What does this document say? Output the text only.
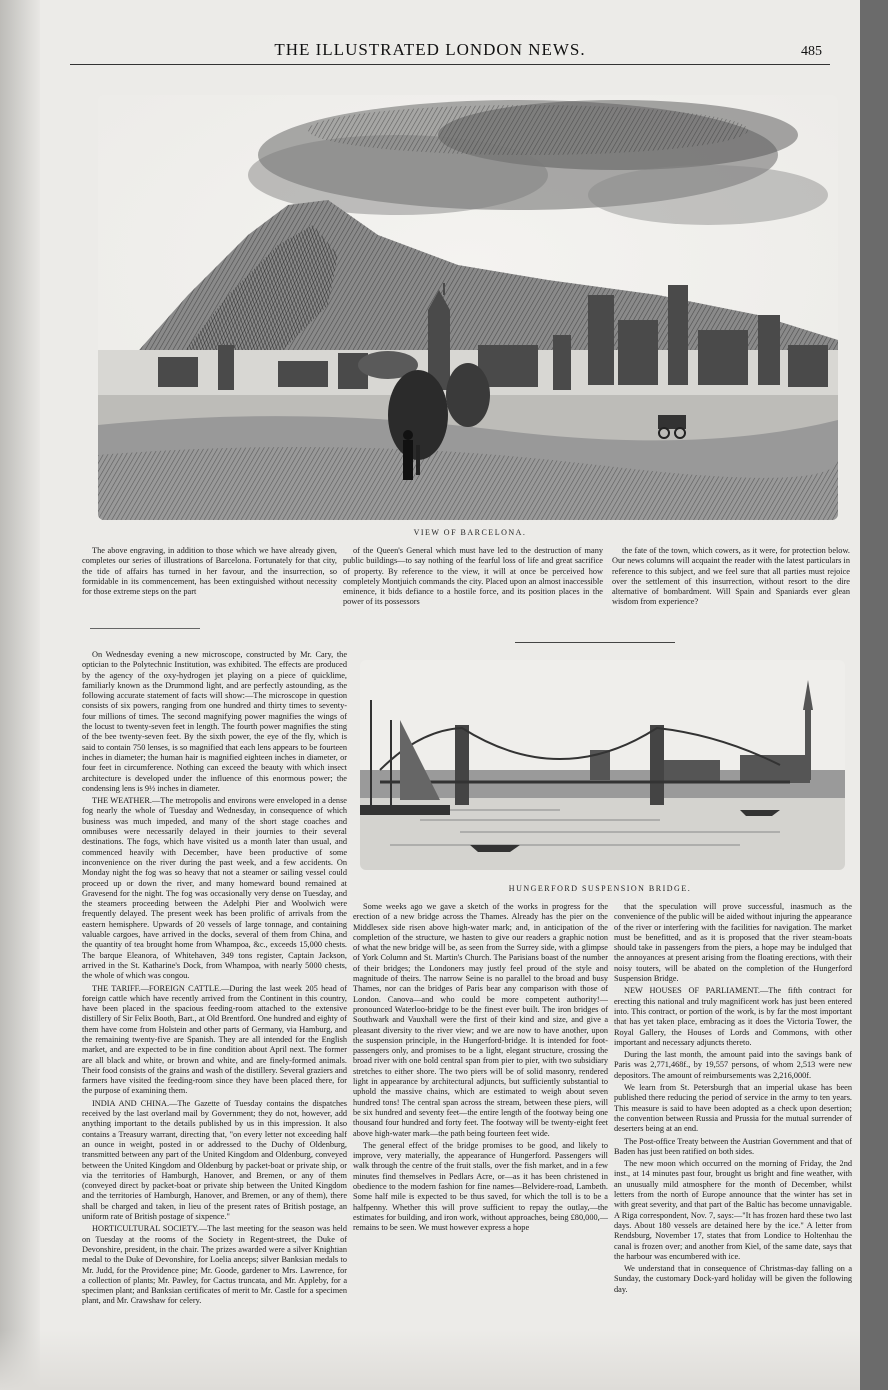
THE ILLUSTRATED LONDON NEWS.	485
VIEW OF BARCELONA.

The above engraving, in addition to those which we have already given, completes our series of illustrations of Barcelona. Fortunately for that city, the tide of affairs has turned in her favour, and the insurrection, so formidable in its commencement, has been extinguished without necessity for those extreme steps on the part

of the Queen's General which must have led to the destruction of many public buildings—to say nothing of the fearful loss of life and great sacrifice of property. By reference to the view, it will at once be perceived how completely Montjuich commands the city. Placed upon an almost inaccessible eminence, it bids defiance to a hostile force, and its position places in the power of its possessors

the fate of the town, which cowers, as it were, for protection below. Our news columns will acquaint the reader with the latest particulars in reference to this subject, and we feel sure that all parties must rejoice over the settlement of this insurrection, without resort to the dire alternative of bombardment. Will Spain and Spaniards ever glean wisdom from experience?

HUNGERFORD SUSPENSION BRIDGE.

On Wednesday evening a new microscope, constructed by Mr. Cary, the optician to the Polytechnic Institution, was exhibited. The effects are produced by the agency of the oxy-hydrogen jet playing on a piece of quicklime, familiarly known as the Drummond light, and are perfectly astounding, as the following accurate statement of facts will show:—The microscope in question consists of six powers, ranging from one hundred and thirty times to seventy-four millions of times. The second magnifying power magnifies the wings of the locust to twenty-seven feet in length. The fourth power magnifies the sting of the bee twenty-seven feet. By the sixth power, the eye of the fly, which is said to contain 750 lenses, is so magnified that each lens appears to be fourteen inches in diameter; the human hair is magnified eighteen inches in diameter, or four feet in circumference. Nothing can exceed the beauty with which insect architecture is developed under the influence of this enormous power; the condensing lens is 9½ inches in diameter.

THE WEATHER.—The metropolis and environs were enveloped in a dense fog nearly the whole of Tuesday and Wednesday, in consequence of which business was much impeded, and many of the short stage coaches and omnibuses were necessarily delayed in their journies to their several destinations. The fogs, which have visited us a month later than usual, and commenced heavily with December, have been productive of some inconvenience on the river during the past week, and a few accidents. On Monday night the fog was so heavy that not a steamer or sailing vessel could proceed up or down the river, and many homeward bound remained at Gravesend for the night. The fog was occasionally very dense on Tuesday, and the steamers proceeding between the Adelphi Pier and Woolwich were frequently delayed. The present week has been prolific of arrivals from the eastern hemisphere. Upwards of 20 vessels of large tonnage, and containing valuable cargoes, have arrived in the docks, several of them from China, and the quantity of tea brought home from Whampoa, &c., exceeds 15,000 chests. The barque Eleanora, of Whitehaven, 349 tons register, Captain Jackson, arrived in the St. Katharine's Dock, from Whampoa, with nearly 5000 chests, the whole of which was congou.

THE TARIFF.—FOREIGN CATTLE.—During the last week 205 head of foreign cattle which have recently arrived from the Continent in this country, have been placed in the spacious feeding-room attached to the extensive distillery of Sir Felix Booth, Bart., at Old Brentford. One hundred and eighty of them have come from Holstein and other parts of Germany, via Hamburg, and the remaining twenty-five are Spanish. They are all intended for the English market, and are expected to be in fine condition about April next. The former are all black and white, or brown and white, and are finely-formed animals. Their food consists of the grains and wash of the distillery. Several graziers and farmers have visited the feeding-room since they have been placed there, for the purpose of examining them.

INDIA AND CHINA.—The Gazette of Tuesday contains the dispatches received by the last overland mail by Government; they do not, however, add anything important to the details published by us in this impression. It also contains a Treasury warrant, directing that, "on every letter not exceeding half an ounce in weight, posted in or addressed to the Duchy of Oldenburg, transmitted between any part of the United Kingdom and Oldenburg, conveyed between the United Kingdom and Oldenburg by packet-boat or private ship, or via the territories of Hamburgh, Hanover, and Bremen, or any of them (conveyed direct by packet-boat or private ship between the United Kingdom and the territories of Hamburgh, Hanover, and Bremen, or any of them), there shall be charged and taken, in lieu of the present rates of British postage, an uniform rate of British postage of sixpence."

HORTICULTURAL SOCIETY.—The last meeting for the season was held on Tuesday at the rooms of the Society in Regent-street, the Duke of Devonshire, president, in the chair. The prizes awarded were a silver Knightian medal to the Duke of Devonshire, for Loelia anceps; silver Banksian medals to Mr. Judd, for the Providence pine; Mr. Goode, gardener to Mrs. Lawrence, for a collection of plants; Mr. Pawley, for Cactus truncata, and Mr. Appleby, for a specimen plant; and Banksian certificates of merit to Mr. Castle for a specimen plant, and Mr. Crawshaw for celery.

Some weeks ago we gave a sketch of the works in progress for the erection of a new bridge across the Thames. Already has the pier on the Middlesex side risen above high-water mark; and, in anticipation of the completion of the structure, we hasten to give our readers a graphic notion of what the new bridge will be, as seen from the Surrey side, with a glimpse of York Column and St. Martin's Church. The Parisians boast of the number of their bridges; the Londoners may justly feel proud of the style and magnitude of theirs. The narrow Seine is no parallel to the broad and busy Thames, nor can the bridges of Paris bear any comparison with those of London. Canova—and who could be more competent authority!—pronounced Waterloo-bridge to be the finest ever built. The iron bridges of Southwark and Vauxhall were the first of their kind and size, and give a pleasant diversity to the river view; and we are now to have another, upon the suspension principle, in the Hungerford-bridge. It is intended for foot-passengers only, and promises to be a light, elegant structure, crossing the broad river with one bold central span from pier to pier, with two subsidiary stretches to either shore. The two piers will be of solid masonry, rendered light in appearance by architectural adjuncts, but sufficiently substantial to uphold the massive chains, which are estimated to weigh about seven hundred tons! The central span across the stream, between these piers, will be six hundred and seventy feet—the entire length of the footway being one thousand four hundred and forty feet. The footway will be twenty-eight feet above high-water mark—the path being fourteen feet wide.

The general effect of the bridge promises to be good, and likely to improve, very materially, the appearance of Hungerford. Passengers will walk through the centre of the fruit stalls, over the fish market, and in a few minutes find themselves in Pedlars Acre, or—as it has been christened in obedience to the modern fashion for fine names—Belvidere-road, Lambeth. Some half mile is expected to be thus saved, for which the toll is to be a halfpenny. Whether this will prove sufficient to repay the outlay,—the estimates for building, and iron work, without approaches, being £80,000,—remains to be seen. We must however express a hope

that the speculation will prove successful, inasmuch as the convenience of the public will be aided without injuring the appearance of the river or interfering with the facilities for navigation. The market must be benefitted, and as it is proposed that the river steam-boats should take in passengers from the piers, a hope may be indulged that the annoyances at present arising from the floating erections, with their noisy touters, will be abated on the completion of the Hungerford Suspension Bridge.

NEW HOUSES OF PARLIAMENT.—The fifth contract for erecting this national and truly magnificent work has just been entered into. This contract, or portion of the work, is by far the most important that has yet taken place, embracing as it does the Victoria Tower, the Royal Gallery, the Houses of Lords and Commons, with other important and necessary adjuncts thereto.

During the last month, the amount paid into the savings bank of Paris was 2,771,468f., by 19,557 persons, of whom 2,513 were new depositors. The amount of reimbursements was 2,216,000f.

We learn from St. Petersburgh that an imperial ukase has been published there reducing the period of service in the army to ten years. This measure is said to have been adopted as a check upon desertion; the convention between Russia and Prussia for the mutual surrender of deserters being at an end.

The Post-office Treaty between the Austrian Government and that of Baden has just been ratified on both sides.

The new moon which occurred on the morning of Friday, the 2nd inst., at 14 minutes past four, brought us bright and fine weather, with an unusually mild atmosphere for the month of December, whilst letters from the north of Europe announce that the winter has set in with great severity, and that part of the Baltic has become unnavigable. A Riga correspondent, Nov. 7, says:—"It has frozen hard these two last days. About 180 vessels are detained here by the ice." A letter from Rendsburg, November 17, states that from Londice to Holtenhau the canal is frozen over; and another from Kiel, of the same date, says that the harbour was encumbered with ice.

We understand that in consequence of Christmas-day falling on a Sunday, the customary Dock-yard holiday will be given the following day.
